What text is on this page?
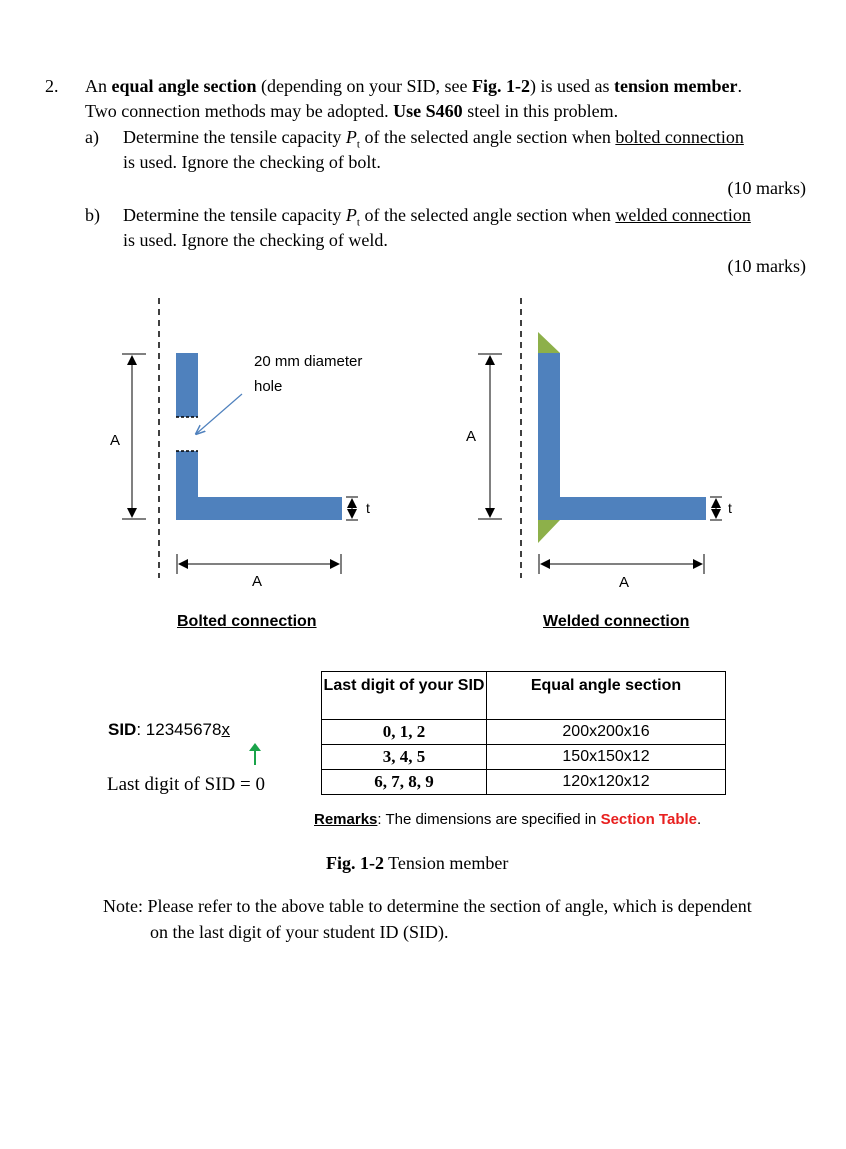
2. An equal angle section (depending on your SID, see Fig. 1-2) is used as tension member.
Two connection methods may be adopted. Use S460 steel in this problem.
a) Determine the tensile capacity $P_t$ of the selected angle section when bolted connection
is used. Ignore the checking of bolt.
(10 marks)
b) Determine the tensile capacity $P_t$ of the selected angle section when welded connection
is used. Ignore the checking of weld.
(10 marks)
20 mm diameter
hole
A
A
t
Bolted connection
A
A
t
Welded connection
SID: 12345678x
Last digit of SID = 0
Last digit of your SID	Equal angle section
0, 1, 2	200x200x16
3, 4, 5	150x150x12
6, 7, 8, 9	120x120x12
Remarks: The dimensions are specified in Section Table.
Fig. 1-2 Tension member
Note: Please refer to the above table to determine the section of angle, which is dependent
on the last digit of your student ID (SID).
